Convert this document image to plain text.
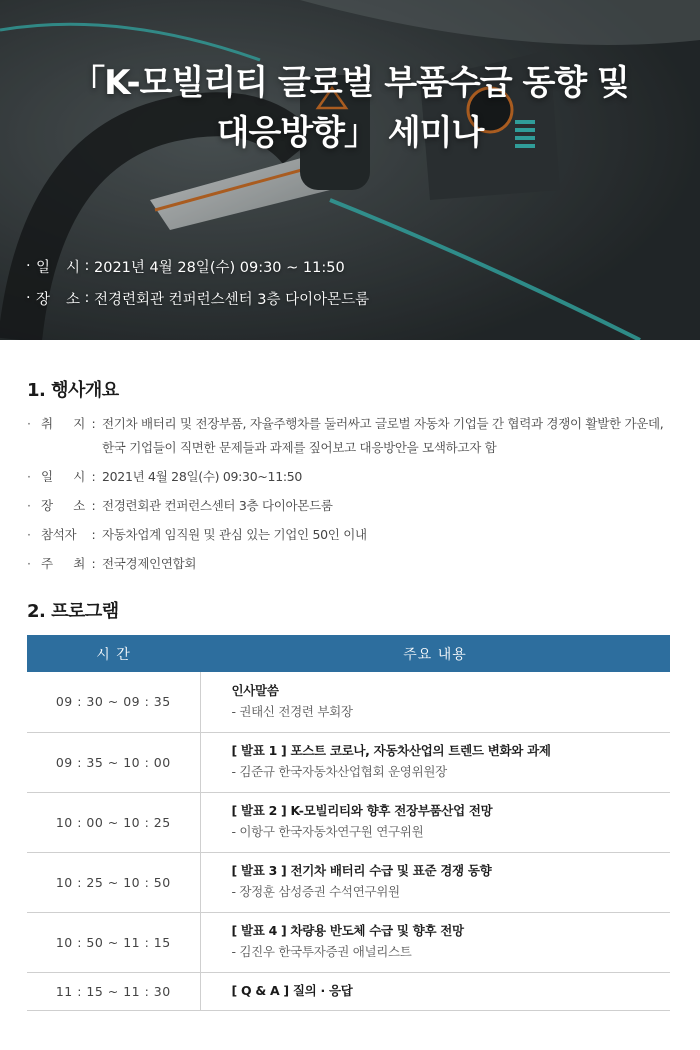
「K-모빌리티 글로벌 부품수급 동향 및
대응방향」 세미나
· 일 시 : 2021년 4월 28일(수) 09:30 ~ 11:50
· 장 소 : 전경련회관 컨퍼런스센터 3층 다이아몬드룸
1. 행사개요
· 취 지 : 전기차 배터리 및 전장부품, 자율주행차를 둘러싸고 글로벌 자동차 기업들 간 협력과 경쟁이 활발한 가운데,
한국 기업들이 직면한 문제들과 과제를 짚어보고 대응방안을 모색하고자 함
· 일 시 : 2021년 4월 28일(수) 09:30~11:50
· 장 소 : 전경련회관 컨퍼런스센터 3층 다이아몬드룸
· 참석자	: 자동차업계 임직원 및 관심 있는 기업인 50인 이내
· 주 최 : 전국경제인연합회
2. 프로그램
시 간	주요 내용
09 : 30 ~ 09 : 35	인사말씀
- 권태신 전경련 부회장

09 : 35 ~ 10 : 00	[ 발표 1 ] 포스트 코로나, 자동차산업의 트렌드 변화와 과제
- 김준규 한국자동차산업협회 운영위원장

10 : 00 ~ 10 : 25	[ 발표 2 ] K-모빌리티와 향후 전장부품산업 전망
- 이항구 한국자동차연구원 연구위원

10 : 25 ~ 10 : 50	[ 발표 3 ] 전기차 배터리 수급 및 표준 경쟁 동향
- 장정훈 삼성증권 수석연구위원

10 : 50 ~ 11 : 15	[ 발표 4 ] 차량용 반도체 수급 및 향후 전망
- 김진우 한국투자증권 애널리스트

11 : 15 ~ 11 : 30	[ Q & A ] 질의 · 응답
